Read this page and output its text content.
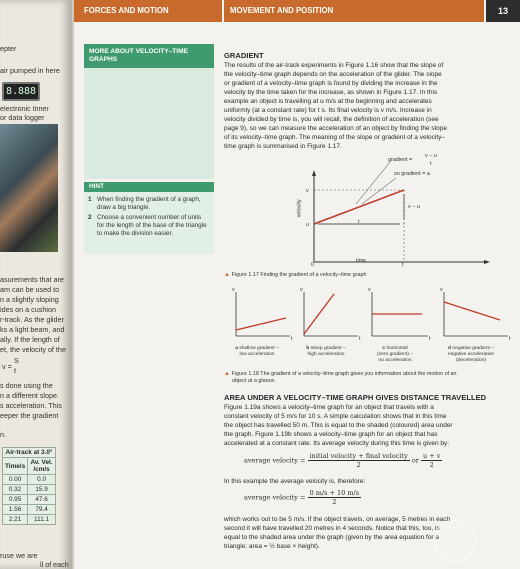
epter
air pumped in here
8.888
electronic timer
or data logger
asurements that are
am can be used to
n a slightly sloping
ides on a cushion
r-track. As the glider
ks a light beam, and
ally. If the length of
et, the velocity of the
v =
S
t
s done using the
n a different slope.
s acceleration. This
eeper the gradient
n.
Air-track at 3.0°	
Time/s	Av. Vel. /cm/s
0.00	0.0
0.32	15.9
0.95	47.6
1.56	79.4
2.21	111.1
ruse we are
ll of each
FORCES AND MOTION	MOVEMENT AND POSITION	13
MORE ABOUT VELOCITY–TIME GRAPHS
HINT
1 When finding the gradient of a graph, draw a big triangle.
2 Choose a convenient number of units for the length of the base of the triangle to make the division easier.
GRADIENT
The results of the air-track experiments in Figure 1.16 show that the slope of
the velocity–time graph depends on the acceleration of the glider. The slope
or gradient of a velocity–time graph is found by dividing the increase in the
velocity by the time taken for the increase, as shown in Figure 1.17. In this
example an object is travelling at u m/s at the beginning and accelerates
uniformly (at a constant rate) for t s. Its final velocity is v m/s. Increase in
velocity divided by time is, you will recall, the definition of acceleration (see
page 9), so we can measure the acceleration of an object by finding the slope
of its velocity–time graph. The meaning of the slope or gradient of a velocity–
time graph is summarised in Figure 1.17.
gradient =
v − u
t
so gradient = a
v
u
velocity
0	t
time
t
v − u
▲ Figure 1.17 Finding the gradient of a velocity–time graph
v
t
v
t
v
t
v
t
a shallow gradient –
low acceleration
b steep gradient –
high acceleration
c horizontal
(zero gradient) –
no acceleration
d negative gradient –
negative acceleration
(deceleration)
▲ Figure 1.18 The gradient of a velocity–time graph gives you information about the motion of an
object at a glance.
AREA UNDER A VELOCITY–TIME GRAPH GIVES DISTANCE TRAVELLED
Figure 1.19a shows a velocity–time graph for an object that travels with a
constant velocity of 5 m/s for 10 s. A simple calculation shows that in this time
the object has travelled 50 m. This is equal to the shaded (coloured) area under
the graph. Figure 1.19b shows a velocity–time graph for an object that has
accelerated at a constant rate. Its average velocity during this time is given by:
average velocity = $\frac{\text{initial velocity + final velocity}}{2}$ or $\frac{u + v}{2}$
In this example the average velocity is, therefore:
average velocity = $\frac{0 m/s + 10 m/s}{2}$
which works out to be 5 m/s. If the object travels, on average, 5 metres in each
second it will have travelled 20 metres in 4 seconds. Notice that this, too, is
equal to the shaded area under the graph (given by the area equation for a
triangle: area = ½ base × height).
